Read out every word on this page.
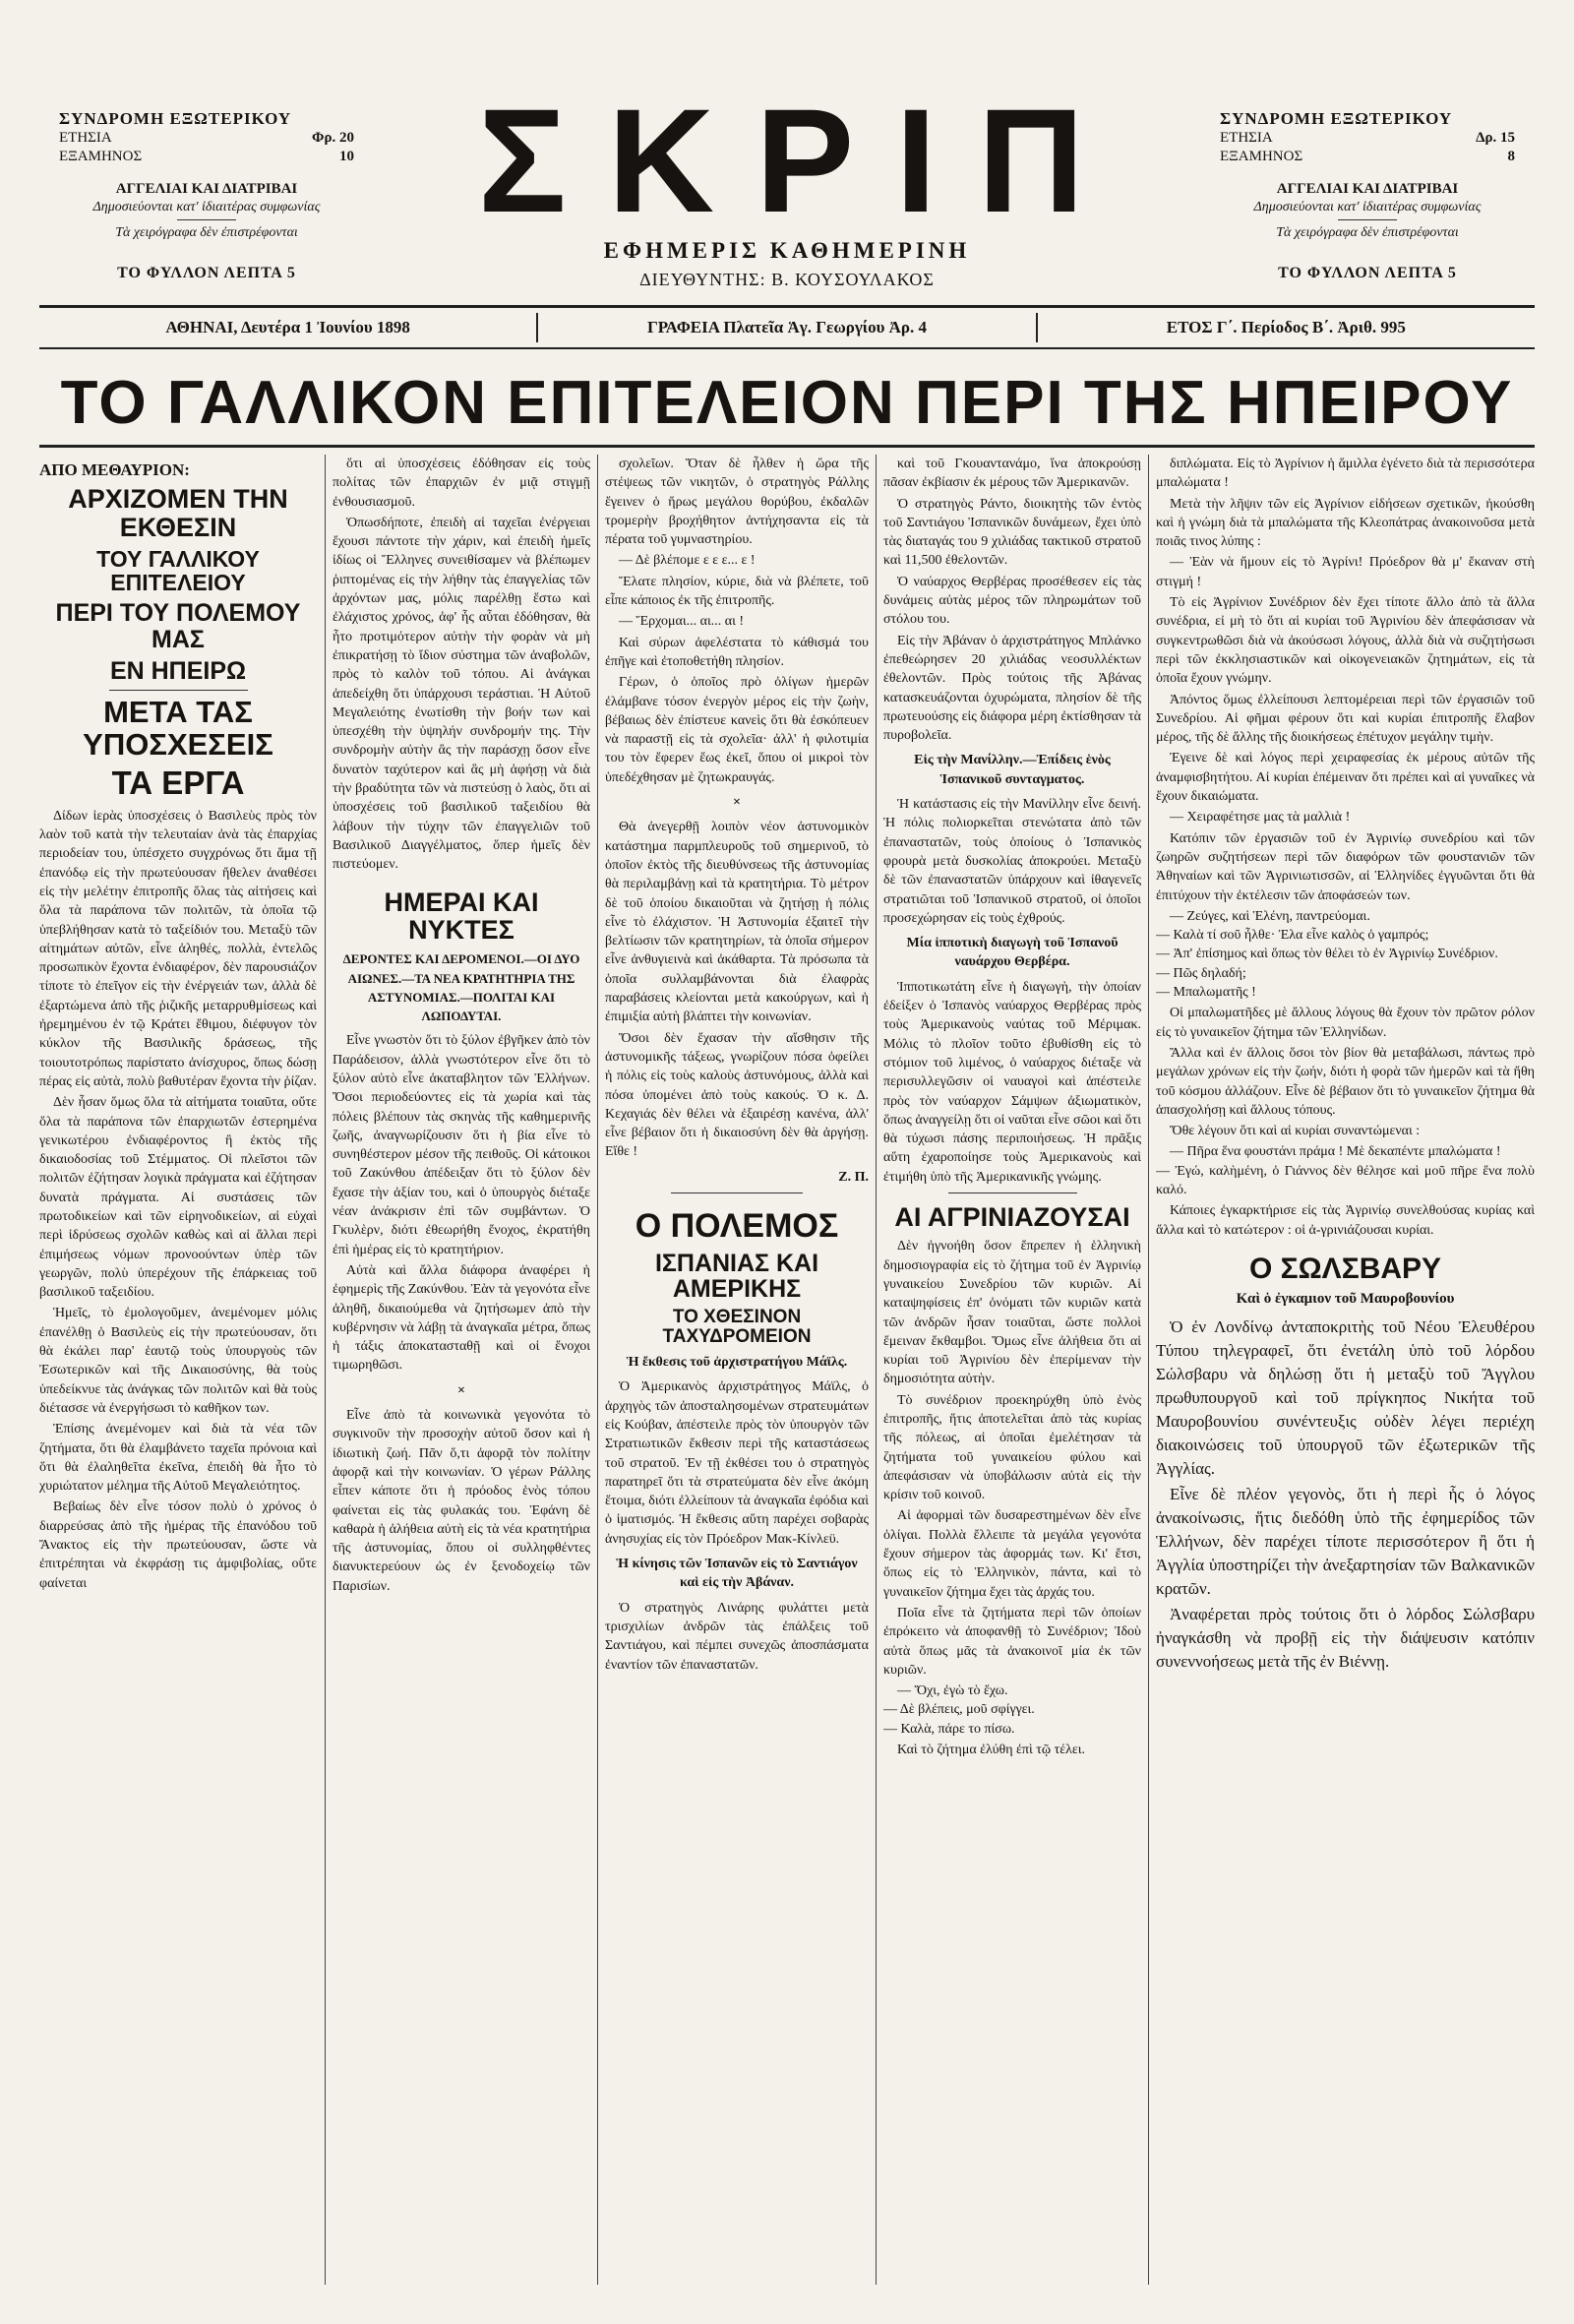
ΣΥΝΔΡΟΜΗ ΕΞΩΤΕΡΙΚΟΥ
ΕΤΗΣΙΑ	Φρ. 20
ΕΞΑΜΗΝΟΣ	10
ΑΓΓΕΛΙΑΙ ΚΑΙ ΔΙΑΤΡΙΒΑΙ
Δημοσιεύονται κατ' ἰδιαιτέρας συμφωνίας
Τὰ χειρόγραφα δὲν ἐπιστρέφονται
ΤΟ ΦΥΛΛΟΝ ΛΕΠΤΑ 5
ΣΚΡΙΠ
ΕΦΗΜΕΡΙΣ ΚΑΘΗΜΕΡΙΝΗ
ΔΙΕΥΘΥΝΤΗΣ: Β. ΚΟΥΣΟΥΛΑΚΟΣ
ΣΥΝΔΡΟΜΗ ΕΞΩΤΕΡΙΚΟΥ
ΕΤΗΣΙΑ	Δρ. 15
ΕΞΑΜΗΝΟΣ	8
ΑΓΓΕΛΙΑΙ ΚΑΙ ΔΙΑΤΡΙΒΑΙ
Δημοσιεύονται κατ' ἰδιαιτέρας συμφωνίας
Τὰ χειρόγραφα δὲν ἐπιστρέφονται
ΤΟ ΦΥΛΛΟΝ ΛΕΠΤΑ 5
ΑΘΗΝΑΙ, Δευτέρα 1 Ἰουνίου 1898	ΓΡΑΦΕΙΑ Πλατεῖα Ἁγ. Γεωργίου Ἀρ. 4	ΕΤΟΣ Γ΄. Περίοδος Β΄. Ἀριθ. 995
ΤΟ ΓΑΛΛΙΚΟΝ ΕΠΙΤΕΛΕΙΟΝ ΠΕΡΙ ΤΗΣ ΗΠΕΙΡΟΥ
ΑΠΟ ΜΕΘΑΥΡΙΟΝ:
ΑΡΧΙΖΟΜΕΝ ΤΗΝ ΕΚΘΕΣΙΝ
ΤΟΥ ΓΑΛΛΙΚΟΥ ΕΠΙΤΕΛΕΙΟΥ
ΠΕΡΙ ΤΟΥ ΠΟΛΕΜΟΥ ΜΑΣ
ΕΝ ΗΠΕΙΡΩ
ΜΕΤΑ ΤΑΣ ΥΠΟΣΧΕΣΕΙΣ
ΤΑ ΕΡΓΑ

Δίδων ἱερὰς ὑποσχέσεις ὁ Βασιλεὺς πρὸς τὸν λαὸν τοῦ κατὰ τὴν τελευταίαν ἀνὰ τὰς ἐπαρχίας περιοδείαν του, ὑπέσχετο συγχρόνως ὅτι ἅμα τῇ ἐπανόδῳ εἰς τὴν πρωτεύουσαν ἤθελεν ἀναθέσει εἰς τὴν μελέτην ἐπιτροπῆς ὅλας τὰς αἰτήσεις καὶ ὅλα τὰ παράπονα τῶν πολιτῶν, τὰ ὁποῖα τῷ ὑπεβλήθησαν κατὰ τὸ ταξείδιόν του. Μεταξὺ τῶν αἰτημάτων αὐτῶν, εἶνε ἀληθές, πολλὰ, ἐντελῶς προσωπικὸν ἔχοντα ἐνδιαφέρον, δὲν παρουσιάζον τίποτε τὸ ἐπεῖγον εἰς τὴν ἐνέργειάν των, ἀλλὰ δὲ ἐξαρτώμενα ἀπὸ τῆς ῥιζικῆς μεταρρυθμίσεως καὶ ἠρεμημένου ἐν τῷ Κράτει ἔθιμου, διέφυγον τὸν κύκλον τῆς Βασιλικῆς δράσεως, τῆς τοιουτοτρόπως παρίστατο ἀνίσχυρος, ὅπως δώσῃ πέρας εἰς αὐτὰ, πολὺ βαθυτέραν ἔχοντα τὴν ῥίζαν.

Δὲν ἦσαν ὅμως ὅλα τὰ αἰτήματα τοιαῦτα, οὔτε ὅλα τὰ παράπονα τῶν ἐπαρχιωτῶν ἐστερημένα γενικωτέρου ἐνδιαφέροντος ἢ ἐκτὸς τῆς δικαιοδοσίας τοῦ Στέμματος. Οἱ πλεῖστοι τῶν πολιτῶν ἐζήτησαν λογικὰ πράγματα καὶ ἐζήτησαν δυνατὰ πράγματα. Αἱ συστάσεις τῶν πρωτοδικείων καὶ τῶν εἰρηνοδικείων, αἱ εὐχαὶ περὶ ἱδρύσεως σχολῶν καθὼς καὶ αἱ ἄλλαι περὶ ἐπιμήσεως νόμων προνοούντων ὑπὲρ τῶν γεωργῶν, πολὺ ὑπερέχουν τῆς ἐπάρκειας τοῦ βασιλικοῦ ταξειδίου.

Ἡμεῖς, τὸ ἐμολογοῦμεν, ἀνεμένομεν μόλις ἐπανέλθῃ ὁ Βασιλεὺς εἰς τὴν πρωτεύουσαν, ὅτι θὰ ἐκάλει παρ' ἑαυτῷ τοὺς ὑπουργοὺς τῶν Ἐσωτερικῶν καὶ τῆς Δικαιοσύνης, θὰ τοὺς ὑπεδείκνυε τὰς ἀνάγκας τῶν πολιτῶν καὶ θὰ τοὺς διέτασσε νὰ ἐνεργήσωσι τὸ καθῆκον των.

Ἐπίσης ἀνεμένομεν καὶ διὰ τὰ νέα τῶν ζητήματα, ὅτι θὰ ἐλαμβάνετο ταχεῖα πρόνοια καὶ ὅτι θὰ ἐλαληθεῖτα ἐκεῖνα, ἐπειδὴ θὰ ἦτο τὸ χυριώτατον μέλημα τῆς Αὐτοῦ Μεγαλειότητος.

Βεβαίως δὲν εἶνε τόσον πολὺ ὁ χρόνος ὁ διαρρεύσας ἀπὸ τῆς ἡμέρας τῆς ἐπανόδου τοῦ Ἄνακτος εἰς τὴν πρωτεύουσαν, ὥστε νὰ ἐπιτρέπηται νὰ ἐκφράσῃ τις ἀμφιβολίας, οὔτε φαίνεται

ὅτι αἱ ὑποσχέσεις ἐδόθησαν εἰς τοὺς πολίτας τῶν ἐπαρχιῶν ἐν μιᾷ στιγμῇ ἐνθουσιασμοῦ.

Ὁπωσδήποτε, ἐπειδὴ αἱ ταχεῖαι ἐνέργειαι ἔχουσι πάντοτε τὴν χάριν, καὶ ἐπειδὴ ἡμεῖς ἰδίως οἱ Ἕλληνες συνειθίσαμεν νὰ βλέπωμεν ῥιπτομένας εἰς τὴν λήθην τὰς ἐπαγγελίας τῶν ἀρχόντων μας, μόλις παρέλθῃ ἕστω καὶ ἐλάχιστος χρόνος, ἀφ' ἧς αὗται ἐδόθησαν, θὰ ἦτο προτιμότερον αὐτὴν τὴν φορὰν νὰ μὴ ἐπικρατήσῃ τὸ ἴδιον σύστημα τῶν ἀναβολῶν, πρὸς τὸ καλὸν τοῦ τόπου. Αἱ ἀνάγκαι ἀπεδείχθη ὅτι ὑπάρχουσι τεράστιαι. Ἡ Αὐτοῦ Μεγαλειότης ἐνωτίσθη τὴν βοήν των καὶ ὑπεσχέθη τὴν ὑψηλήν συνδρομήν της. Τὴν συνδρομὴν αὐτὴν ἂς τὴν παράσχῃ ὅσον εἶνε δυνατὸν ταχύτερον καὶ ἂς μὴ ἀφήσῃ νὰ διὰ τὴν βραδύτητα τῶν νὰ πιστεύσῃ ὁ λαὸς, ὅτι αἱ ὑποσχέσεις τοῦ βασιλικοῦ ταξειδίου θὰ λάβουν τὴν τύχην τῶν ἐπαγγελιῶν τοῦ Βασιλικοῦ Διαγγέλματος, ὅπερ ἡμεῖς δὲν πιστεύομεν.

ΗΜΕΡΑΙ ΚΑΙ ΝΥΚΤΕΣ
ΔΕΡΟΝΤΕΣ ΚΑΙ ΔΕΡΟΜΕΝΟΙ.—ΟΙ ΔΥΟ ΑΙΩΝΕΣ.—ΤΑ ΝΕΑ ΚΡΑΤΗΤΗΡΙΑ ΤΗΣ ΑΣΤΥΝΟΜΙΑΣ.—ΠΟΛΙΤΑΙ ΚΑΙ ΛΩΠΟΔΥΤΑΙ.

Εἶνε γνωστὸν ὅτι τὸ ξύλον ἐβγῆκεν ἀπὸ τὸν Παράδεισον, ἀλλὰ γνωστότερον εἶνε ὅτι τὸ ξύλον αὐτὸ εἶνε ἀκαταβλητον τῶν Ἑλλήνων. Ὅσοι περιοδεύοντες εἰς τὰ χωρία καὶ τὰς πόλεις βλέπουν τὰς σκηνὰς τῆς καθημερινῆς ζωῆς, ἀναγνωρίζουσιν ὅτι ἡ βία εἶνε τὸ συνηθέστερον μέσον τῆς πειθοῦς. Οἱ κάτοικοι τοῦ Ζακύνθου ἀπέδειξαν ὅτι τὸ ξύλον δὲν ἔχασε τὴν ἀξίαν του, καὶ ὁ ὑπουργὸς διέταξε νέαν ἀνάκρισιν ἐπὶ τῶν συμβάντων. Ὁ Γκυλὲρν, διότι ἐθεωρήθη ἔνοχος, ἐκρατήθη ἐπὶ ἡμέρας εἰς τὸ κρατητήριον.

Αὐτὰ καὶ ἄλλα διάφορα ἀναφέρει ἡ ἐφημερὶς τῆς Ζακύνθου. Ἐὰν τὰ γεγονότα εἶνε ἀληθῆ, δικαιούμεθα νὰ ζητήσωμεν ἀπὸ τὴν κυβέρνησιν νὰ λάβῃ τὰ ἀναγκαῖα μέτρα, ὅπως ἡ τάξις ἀποκατασταθῇ καὶ οἱ ἔνοχοι τιμωρηθῶσι.

×

Εἶνε ἀπὸ τὰ κοινωνικὰ γεγονότα τὸ συγκινοῦν τὴν προσοχὴν αὐτοῦ ὅσον καὶ ἡ ἰδιωτικὴ ζωή. Πᾶν ὅ,τι ἀφορᾷ τὸν πολίτην ἀφορᾷ καὶ τὴν κοινωνίαν. Ὁ γέρων Ράλλης εἶπεν κάποτε ὅτι ἡ πρόοδος ἑνὸς τόπου φαίνεται εἰς τὰς φυλακάς του. Ἐφάνη δὲ καθαρὰ ἡ ἀλήθεια αὐτὴ εἰς τὰ νέα κρατητήρια τῆς ἀστυνομίας, ὅπου οἱ συλληφθέντες διανυκτερεύουν ὡς ἐν ξενοδοχείῳ τῶν Παρισίων.

σχολεῖων. Ὅταν δὲ ἦλθεν ἡ ὥρα τῆς στέψεως τῶν νικητῶν, ὁ στρατηγὸς Ράλλης ἔγεινεν ὁ ἥρως μεγάλου θορύβου, ἐκδαλῶν τρομερὴν βροχήθητον ἀντήχησαντα εἰς τὰ πέρατα τοῦ γυμναστηρίου.

— Δὲ βλέπομε ε ε ε... ε !

Ἔλατε πλησίον, κύριε, διὰ νὰ βλέπετε, τοῦ εἶπε κάποιος ἐκ τῆς ἐπιτροπῆς.

— Ἔρχομαι... αι... αι !

Καὶ σύρων ἀφελέστατα τὸ κάθισμά του ἐπῆγε καὶ ἐτοποθετήθη πλησίον.

Γέρων, ὁ ὁποῖος πρὸ ὀλίγων ἡμερῶν ἐλάμβανε τόσον ἐνεργὸν μέρος εἰς τὴν ζωὴν, βέβαιως δὲν ἐπίστευε κανεὶς ὅτι θὰ ἐσκόπευεν νὰ παραστῇ εἰς τὰ σχολεῖα· ἀλλ' ἡ φιλοτιμία του τὸν ἔφερεν ἕως ἐκεῖ, ὅπου οἱ μικροὶ τὸν ὑπεδέχθησαν μὲ ζητωκραυγάς.

×

Θὰ ἀνεγερθῇ λοιπὸν νέον ἀστυνομικὸν κατάστημα παρμπλευροῦς τοῦ σημερινοῦ, τὸ ὁποῖον ἐκτὸς τῆς διευθύνσεως τῆς ἀστυνομίας θὰ περιλαμβάνῃ καὶ τὰ κρατητήρια. Τὸ μέτρον δὲ τοῦ ὁποίου δικαιοῦται νὰ ζητήσῃ ἡ πόλις εἶνε τὸ ἐλάχιστον. Ἡ Ἀστυνομία ἐξαιτεῖ τὴν βελτίωσιν τῶν κρατητηρίων, τὰ ὁποῖα σήμερον εἶνε ἀνθυγιεινὰ καὶ ἀκάθαρτα. Τὰ πρόσωπα τὰ ὁποῖα συλλαμβάνονται διὰ ἐλαφρὰς παραβάσεις κλείονται μετὰ κακούργων, καὶ ἡ ἐπιμιξία αὐτὴ βλάπτει τὴν κοινωνίαν.

Ὅσοι δὲν ἔχασαν τὴν αἴσθησιν τῆς ἀστυνομικῆς τάξεως, γνωρίζουν πόσα ὀφείλει ἡ πόλις εἰς τοὺς καλοὺς ἀστυνόμους, ἀλλὰ καὶ πόσα ὑπομένει ἀπὸ τοὺς κακούς. Ὁ κ. Δ. Κεχαγιάς δὲν θέλει νὰ ἐξαιρέσῃ κανένα, ἀλλ' εἶνε βέβαιον ὅτι ἡ δικαιοσύνη δὲν θὰ ἀργήσῃ. Εἴθε !

Ζ. Π.
Ο ΠΟΛΕΜΟΣ
ΙΣΠΑΝΙΑΣ ΚΑΙ ΑΜΕΡΙΚΗΣ
ΤΟ ΧΘΕΣΙΝΟΝ ΤΑΧΥΔΡΟΜΕΙΟΝ
Ἡ ἔκθεσις τοῦ ἀρχιστρατήγου Μάϊλς.

Ὁ Ἀμερικανὸς ἀρχιστράτηγος Μάϊλς, ὁ ἀρχηγὸς τῶν ἀποσταλησομένων στρατευμάτων εἰς Κούβαν, ἀπέστειλε πρὸς τὸν ὑπουργὸν τῶν Στρατιωτικῶν ἔκθεσιν περὶ τῆς καταστάσεως τοῦ στρατοῦ. Ἐν τῇ ἐκθέσει του ὁ στρατηγὸς παρατηρεῖ ὅτι τὰ στρατεύματα δὲν εἶνε ἀκόμη ἕτοιμα, διότι ἐλλείπουν τὰ ἀναγκαῖα ἐφόδια καὶ ὁ ἱματισμός. Ἡ ἔκθεσις αὕτη παρέχει σοβαρὰς ἀνησυχίας εἰς τὸν Πρόεδρον Μακ-Κίνλεϋ.

Ἡ κίνησις τῶν Ἱσπανῶν εἰς τὸ Σαντιάγον καὶ εἰς τὴν Ἀβάναν.

Ὁ στρατηγὸς Λινάρης φυλάττει μετὰ τρισχιλίων ἀνδρῶν τὰς ἐπάλξεις τοῦ Σαντιάγου, καὶ πέμπει συνεχῶς ἀποσπάσματα ἐναντίον τῶν ἐπαναστατῶν.

καὶ τοῦ Γκουαντανάμο, ἵνα ἀποκρούσῃ πᾶσαν ἐκβίασιν ἐκ μέρους τῶν Ἀμερικανῶν.

Ὁ στρατηγὸς Ράντο, διοικητὴς τῶν ἐντὸς τοῦ Σαντιάγου Ἰσπανικῶν δυνάμεων, ἔχει ὑπὸ τὰς διαταγάς του 9 χιλιάδας τακτικοῦ στρατοῦ καὶ 11,500 ἐθελοντῶν.

Ὁ ναύαρχος Θερβέρας προσέθεσεν εἰς τὰς δυνάμεις αὐτὰς μέρος τῶν πληρωμάτων τοῦ στόλου του.

Εἰς τὴν Ἀβάναν ὁ ἀρχιστράτηγος Μπλάνκο ἐπεθεώρησεν 20 χιλιάδας νεοσυλλέκτων ἐθελοντῶν. Πρὸς τούτοις τῆς Ἀβάνας κατασκευάζονται ὀχυρώματα, πλησίον δὲ τῆς πρωτευούσης εἰς διάφορα μέρη ἐκτίσθησαν τὰ πυροβολεῖα.

Εἰς τὴν Μανίλλην.—Ἐπίδεις ἑνὸς Ἱσπανικοῦ συνταγματος.

Ἡ κατάστασις εἰς τὴν Μανίλλην εἶνε δεινή. Ἡ πόλις πολιορκεῖται στενώτατα ἀπὸ τῶν ἐπαναστατῶν, τοὺς ὁποίους ὁ Ἰσπανικὸς φρουρὰ μετὰ δυσκολίας ἀποκρούει. Μεταξὺ δὲ τῶν ἐπαναστατῶν ὑπάρχουν καὶ ἰθαγενεῖς στρατιῶται τοῦ Ἱσπανικοῦ στρατοῦ, οἱ ὁποῖοι προσεχώρησαν εἰς τοὺς ἐχθρούς.

Μία ἱπποτικὴ διαγωγὴ τοῦ Ἱσπανοῦ ναυάρχου Θερβέρα.

Ἱπποτικωτάτη εἶνε ἡ διαγωγὴ, τὴν ὁποίαν ἐδείξεν ὁ Ἱσπανὸς ναύαρχος Θερβέρας πρὸς τοὺς Ἀμερικανοὺς ναύτας τοῦ Μέριμακ. Μόλις τὸ πλοῖον τοῦτο ἐβυθίσθη εἰς τὸ στόμιον τοῦ λιμένος, ὁ ναύαρχος διέταξε νὰ περισυλλεγῶσιν οἱ ναυαγοὶ καὶ ἀπέστειλε πρὸς τὸν ναύαρχον Σάμψων ἀξιωματικὸν, ὅπως ἀναγγείλῃ ὅτι οἱ ναῦται εἶνε σῶοι καὶ ὅτι θὰ τύχωσι πάσης περιποιήσεως. Ἡ πρᾶξις αὕτη ἐχαροποίησε τοὺς Ἀμερικανοὺς καὶ ἐτιμήθη ὑπὸ τῆς Ἀμερικανικῆς γνώμης.

ΑΙ ΑΓΡΙΝΙΑΖΟΥΣΑΙ

Δὲν ἠγνοήθη ὅσον ἔπρεπεν ἡ ἑλληνικὴ δημοσιογραφία εἰς τὸ ζήτημα τοῦ ἐν Ἀγρινίῳ γυναικείου Συνεδρίου τῶν κυριῶν. Αἱ καταψηφίσεις ἐπ' ὀνόματι τῶν κυριῶν κατὰ τῶν ἀνδρῶν ἦσαν τοιαῦται, ὥστε πολλοὶ ἔμειναν ἔκθαμβοι. Ὅμως εἶνε ἀλήθεια ὅτι αἱ κυρίαι τοῦ Ἀγρινίου δὲν ἐπερίμεναν τὴν δημοσιότητα αὐτὴν.

Τὸ συνέδριον προεκηρύχθη ὑπὸ ἑνὸς ἐπιτροπῆς, ἥτις ἀποτελεῖται ἀπὸ τὰς κυρίας τῆς πόλεως, αἱ ὁποῖαι ἐμελέτησαν τὰ ζητήματα τοῦ γυναικείου φύλου καὶ ἀπεφάσισαν νὰ ὑποβάλωσιν αὐτὰ εἰς τὴν κρίσιν τοῦ κοινοῦ.

Αἱ ἀφορμαὶ τῶν δυσαρεστημένων δὲν εἶνε ὀλίγαι. Πολλὰ ἔλλειπε τὰ μεγάλα γεγονότα ἔχουν σήμερον τὰς ἀφορμάς των. Κι' ἔτσι, ὅπως εἰς τὸ Ἑλληνικὸν, πάντα, καὶ τὸ γυναικεῖον ζήτημα ἔχει τὰς ἀρχάς του.

Ποῖα εἶνε τὰ ζητήματα περὶ τῶν ὁποίων ἐπρόκειτο νὰ ἀποφανθῇ τὸ Συνέδριον; Ἰδοὺ αὐτὰ ὅπως μᾶς τὰ ἀνακοινοῖ μία ἐκ τῶν κυριῶν.

— Ὄχι, ἐγὼ τὸ ἔχω.
— Δὲ βλέπεις, μοῦ σφίγγει.
— Καλὰ, πάρε το πίσω.

Καὶ τὸ ζήτημα ἐλύθη ἐπὶ τῷ τέλει.

διπλώματα. Εἰς τὸ Ἀγρίνιον ἡ ἅμιλλα ἐγένετο διὰ τὰ περισσότερα μπαλώματα !

Μετὰ τὴν λῆψιν τῶν εἰς Ἀγρίνιον εἰδήσεων σχετικῶν, ἠκούσθη καὶ ἡ γνώμη διὰ τὰ μπαλώματα τῆς Κλεοπάτρας ἀνακοινοῦσα μετὰ ποιᾶς τινος λύπης :

— Ἐὰν νὰ ἤμουν εἰς τὸ Ἀγρίνι! Πρόεδρον θὰ μ' ἔκαναν στὴ στιγμή !

Τὸ εἰς Ἀγρίνιον Συνέδριον δὲν ἔχει τίποτε ἄλλο ἀπὸ τὰ ἄλλα συνέδρια, εἰ μὴ τὸ ὅτι αἱ κυρίαι τοῦ Ἀγρινίου δὲν ἀπεφάσισαν νὰ συγκεντρωθῶσι διὰ νὰ ἀκούσωσι λόγους, ἀλλὰ διὰ νὰ συζητήσωσι περὶ τῶν ἐκκλησιαστικῶν καὶ οἰκογενειακῶν ζητημάτων, εἰς τὰ ὁποῖα ἔχουν γνώμην.

Ἀπόντος ὅμως ἐλλείπουσι λεπτομέρειαι περὶ τῶν ἐργασιῶν τοῦ Συνεδρίου. Αἱ φῆμαι φέρουν ὅτι καὶ κυρίαι ἐπιτροπῆς ἔλαβον μέρος, τῆς δὲ ἄλλης τῆς διοικήσεως ἐπέτυχον μεγάλην τιμὴν.

Ἐγεινε δὲ καὶ λόγος περὶ χειραφεσίας ἐκ μέρους αὐτῶν τῆς ἀναμφισβητήτου. Αἱ κυρίαι ἐπέμειναν ὅτι πρέπει καὶ αἱ γυναῖκες νὰ ἔχουν δικαιώματα.

— Χειραφέτησε μας τὰ μαλλιὰ !

Κατόπιν τῶν ἐργασιῶν τοῦ ἐν Ἀγρινίῳ συνεδρίου καὶ τῶν ζωηρῶν συζητήσεων περὶ τῶν διαφόρων τῶν φουστανιῶν τῶν Ἀθηναίων καὶ τῶν Ἀγρινιωτισσῶν, αἱ Ἑλληνίδες ἐγγυῶνται ὅτι θὰ ἐπιτύχουν τὴν ἐκτέλεσιν τῶν ἀποφάσεών των.

— Ζεύγες, καὶ Ἑλένη, παντρεύομαι.
— Καλὰ τί σοῦ ἦλθε· Ἐλα εἶνε καλὸς ὁ γαμπρός;
— Ἀπ' ἐπίσημος καὶ ὅπως τὸν θέλει τὸ ἐν Ἀγρινίῳ Συνέδριον.
— Πῶς δηλαδή;
— Μπαλωματῆς !

Οἱ μπαλωματῆδες μὲ ἄλλους λόγους θὰ ἔχουν τὸν πρῶτον ρόλον εἰς τὸ γυναικεῖον ζήτημα τῶν Ἑλληνίδων.

Ἄλλα καὶ ἐν ἄλλοις ὅσοι τὸν βίον θὰ μεταβάλωσι, πάντως πρὸ μεγάλων χρόνων εἰς τὴν ζωήν, διότι ἡ φορὰ τῶν ἡμερῶν καὶ τὰ ἤθη τοῦ κόσμου ἀλλάζουν. Εἶνε δὲ βέβαιον ὅτι τὸ γυναικεῖον ζήτημα θὰ ἀπασχολήσῃ καὶ ἄλλους τόπους.

Ὅθε λέγουν ὅτι καὶ αἱ κυρίαι συναντώμεναι :

— Πῆρα ἕνα φουστάνι πράμα ! Μὲ δεκαπέντε μπαλώματα !
— Ἐγώ, καλὴμένη, ὁ Γιάννος δὲν θέλησε καὶ μοῦ πῆρε ἕνα πολὺ καλό.

Κάποιες ἐγκαρκτήρισε εἰς τὰς Ἀγρινίῳ συνελθούσας κυρίας καὶ ἄλλα καὶ τὸ κατώτερον : οἱ ἀ-γρινιάζουσαι κυρίαι.

Ο ΣΩΛΣΒΑΡΥ
Καὶ ὁ ἐγκαμιον τοῦ Μαυροβουνίου

Ὁ ἐν Λονδίνῳ ἀνταποκριτὴς τοῦ Νέου Ἐλευθέρου Τύπου τηλεγραφεῖ, ὅτι ἐνετάλη ὑπὸ τοῦ λόρδου Σώλσβαρυ νὰ δηλώσῃ ὅτι ἡ μεταξὺ τοῦ Ἄγγλου πρωθυπουργοῦ καὶ τοῦ πρίγκηπος Νικήτα τοῦ Μαυροβουνίου συνέντευξις οὐδὲν λέγει περιέχη διακοινώσεις τοῦ ὑπουργοῦ τῶν ἐξωτερικῶν τῆς Ἀγγλίας.

Εἶνε δὲ πλέον γεγονὸς, ὅτι ἡ περὶ ἧς ὁ λόγος ἀνακοίνωσις, ἥτις διεδόθη ὑπὸ τῆς ἐφημερίδος τῶν Ἑλλήνων, δὲν παρέχει τίποτε περισσότερον ἢ ὅτι ἡ Ἀγγλία ὑποστηρίζει τὴν ἀνεξαρτησίαν τῶν Βαλκανικῶν κρατῶν.

Ἀναφέρεται πρὸς τούτοις ὅτι ὁ λόρδος Σώλσβαρυ ἠναγκάσθη νὰ προβῇ εἰς τὴν διάψευσιν κατόπιν συνεννοήσεως μετὰ τῆς ἐν Βιέννῃ.
